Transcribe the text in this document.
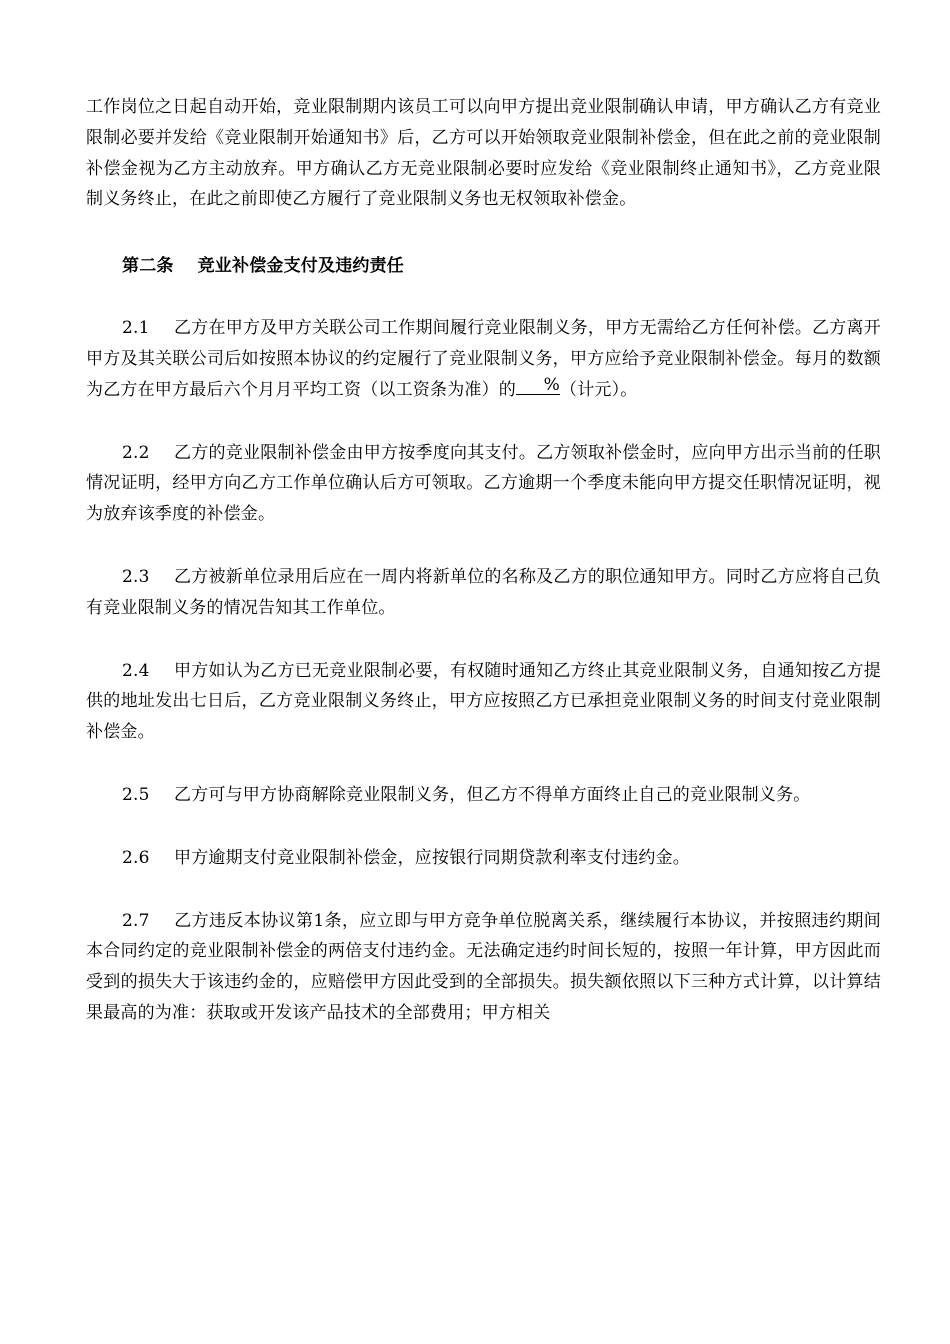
工作岗位之日起自动开始，竞业限制期内该员工可以向甲方提出竞业限制确认申请，甲方确认乙方有竞业限制必要并发给《竞业限制开始通知书》后，乙方可以开始领取竞业限制补偿金，但在此之前的竞业限制补偿金视为乙方主动放弃。甲方确认乙方无竞业限制必要时应发给《竞业限制终止通知书》，乙方竞业限制义务终止，在此之前即使乙方履行了竞业限制义务也无权领取补偿金。

第二条 竞业补偿金支付及违约责任

2.1 乙方在甲方及甲方关联公司工作期间履行竞业限制义务，甲方无需给乙方任何补偿。乙方离开甲方及其关联公司后如按照本协议的约定履行了竞业限制义务，甲方应给予竞业限制补偿金。每月的数额为乙方在甲方最后六个月月平均工资（以工资条为准）的 % （计元）。

2.2 乙方的竞业限制补偿金由甲方按季度向其支付。乙方领取补偿金时，应向甲方出示当前的任职情况证明，经甲方向乙方工作单位确认后方可领取。乙方逾期一个季度未能向甲方提交任职情况证明，视为放弃该季度的补偿金。

2.3 乙方被新单位录用后应在一周内将新单位的名称及乙方的职位通知甲方。同时乙方应将自己负有竞业限制义务的情况告知其工作单位。

2.4 甲方如认为乙方已无竞业限制必要，有权随时通知乙方终止其竞业限制义务，自通知按乙方提供的地址发出七日后，乙方竞业限制义务终止，甲方应按照乙方已承担竞业限制义务的时间支付竞业限制补偿金。

2.5 乙方可与甲方协商解除竞业限制义务，但乙方不得单方面终止自己的竞业限制义务。

2.6 甲方逾期支付竞业限制补偿金，应按银行同期贷款利率支付违约金。

2.7 乙方违反本协议第1条，应立即与甲方竞争单位脱离关系，继续履行本协议，并按照违约期间本合同约定的竞业限制补偿金的两倍支付违约金。无法确定违约时间长短的，按照一年计算，甲方因此而受到的损失大于该违约金的，应赔偿甲方因此受到的全部损失。损失额依照以下三种方式计算，以计算结果最高的为准：获取或开发该产品技术的全部费用；甲方相关
